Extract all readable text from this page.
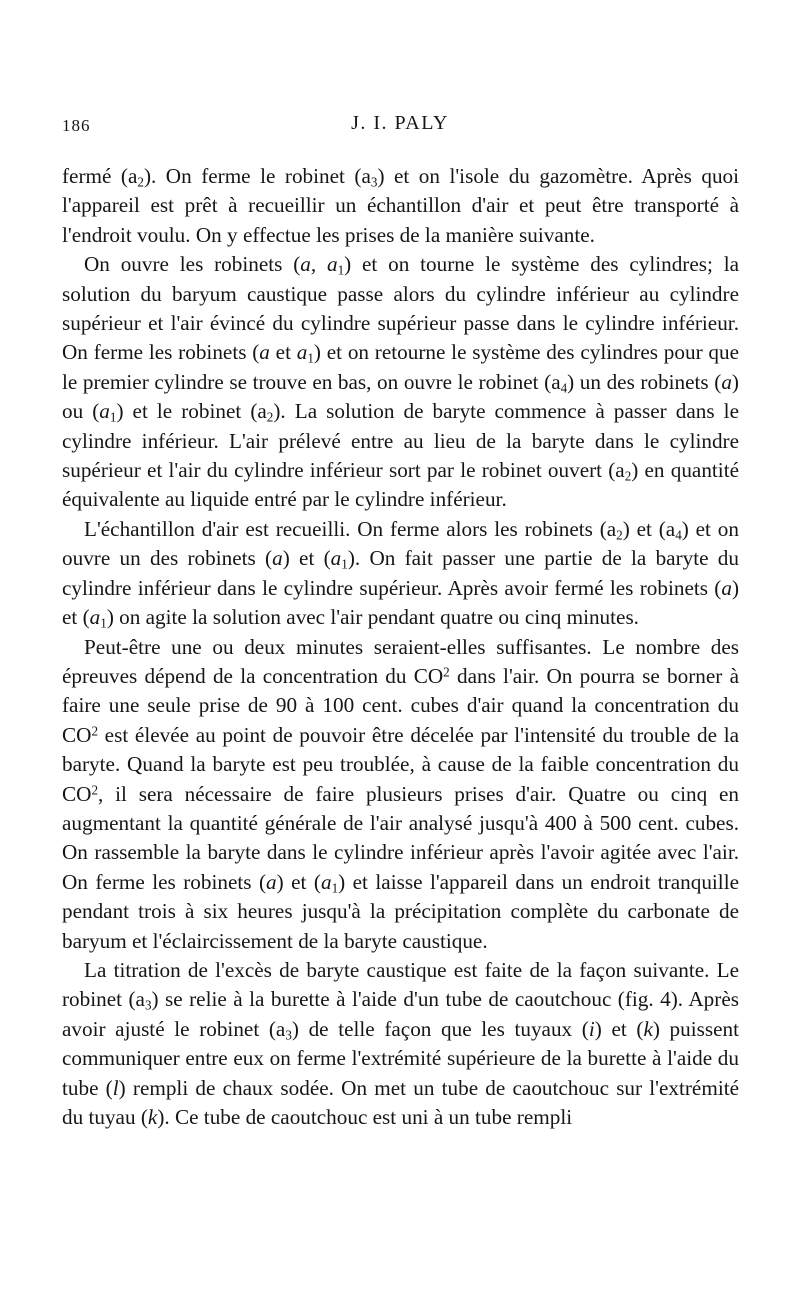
186	J. I. PALY

fermé $(a_2)$. On ferme le robinet $(a_3)$ et on l'isole du gazomètre. Après quoi l'appareil est prêt à recueillir un échantillon d'air et peut être transporté à l'endroit voulu. On y effectue les prises de la manière suivante.

On ouvre les robinets (a, $a_1$) et on tourne le système des cylindres; la solution du baryum caustique passe alors du cylindre inférieur au cylindre supérieur et l'air évincé du cylindre supérieur passe dans le cylindre inférieur. On ferme les robinets (a et $a_1$) et on retourne le système des cylindres pour que le premier cylindre se trouve en bas, on ouvre le robinet $(a_4)$ un des robinets (a) ou $(a_1)$ et le robinet $(a_2)$. La solution de baryte commence à passer dans le cylindre inférieur. L'air prélevé entre au lieu de la baryte dans le cylindre supérieur et l'air du cylindre inférieur sort par le robinet ouvert $(a_2)$ en quantité équivalente au liquide entré par le cylindre inférieur.

L'échantillon d'air est recueilli. On ferme alors les robinets $(a_2)$ et $(a_4)$ et on ouvre un des robinets (a) et $(a_1)$. On fait passer une partie de la baryte du cylindre inférieur dans le cylindre supérieur. Après avoir fermé les robinets (a) et $(a_1)$ on agite la solution avec l'air pendant quatre ou cinq minutes.

Peut-être une ou deux minutes seraient-elles suffisantes. Le nombre des épreuves dépend de la concentration du $CO^2$ dans l'air. On pourra se borner à faire une seule prise de 90 à 100 cent. cubes d'air quand la concentration du $CO^2$ est élevée au point de pouvoir être décelée par l'intensité du trouble de la baryte. Quand la baryte est peu troublée, à cause de la faible concentration du $CO^2$, il sera nécessaire de faire plusieurs prises d'air. Quatre ou cinq en augmentant la quantité générale de l'air analysé jusqu'à 400 à 500 cent. cubes. On rassemble la baryte dans le cylindre inférieur après l'avoir agitée avec l'air. On ferme les robinets (a) et $(a_1)$ et laisse l'appareil dans un endroit tranquille pendant trois à six heures jusqu'à la précipitation complète du carbonate de baryum et l'éclaircissement de la baryte caustique.

La titration de l'excès de baryte caustique est faite de la façon suivante. Le robinet $(a_3)$ se relie à la burette à l'aide d'un tube de caoutchouc (fig. 4). Après avoir ajusté le robinet $(a_3)$ de telle façon que les tuyaux (i) et (k) puissent communiquer entre eux on ferme l'extrémité supérieure de la burette à l'aide du tube (l) rempli de chaux sodée. On met un tube de caoutchouc sur l'extrémité du tuyau (k). Ce tube de caoutchouc est uni à un tube rempli
